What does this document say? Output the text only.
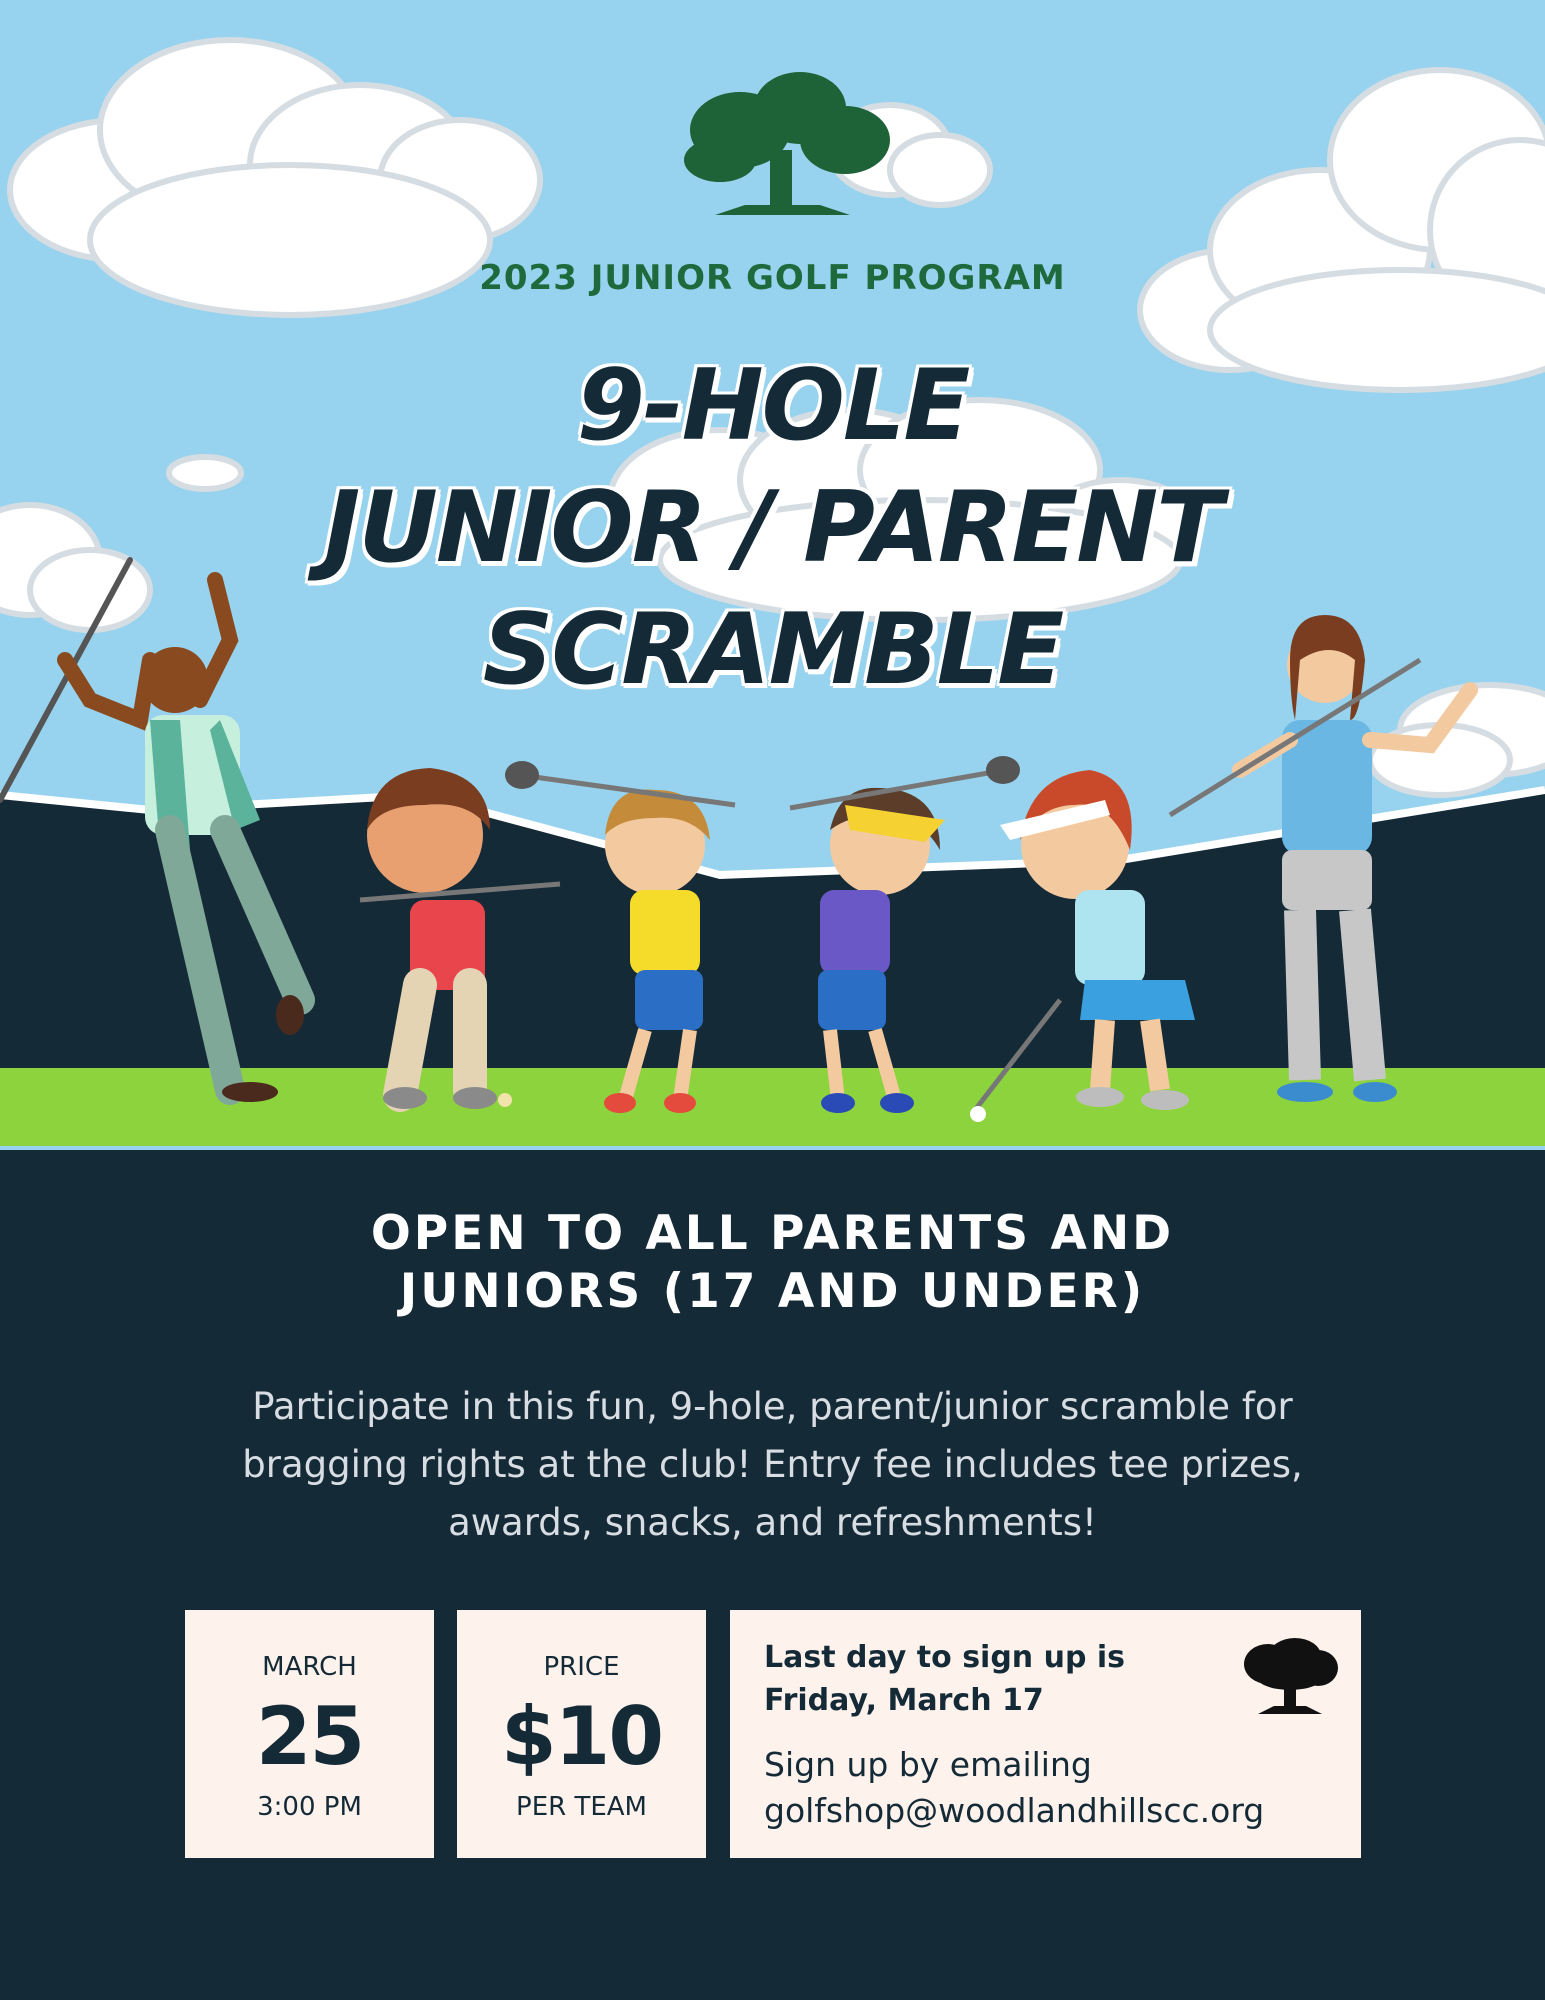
2023 JUNIOR GOLF PROGRAM
9-HOLE
JUNIOR / PARENT
SCRAMBLE
OPEN TO ALL PARENTS AND
JUNIORS (17 AND UNDER)
Participate in this fun, 9-hole, parent/junior scramble for
bragging rights at the club! Entry fee includes tee prizes,
awards, snacks, and refreshments!
MARCH
25
3:00 PM
PRICE
$10
PER TEAM
Last day to sign up is
Friday, March 17
Sign up by emailing
golfshop@woodlandhillscc.org
